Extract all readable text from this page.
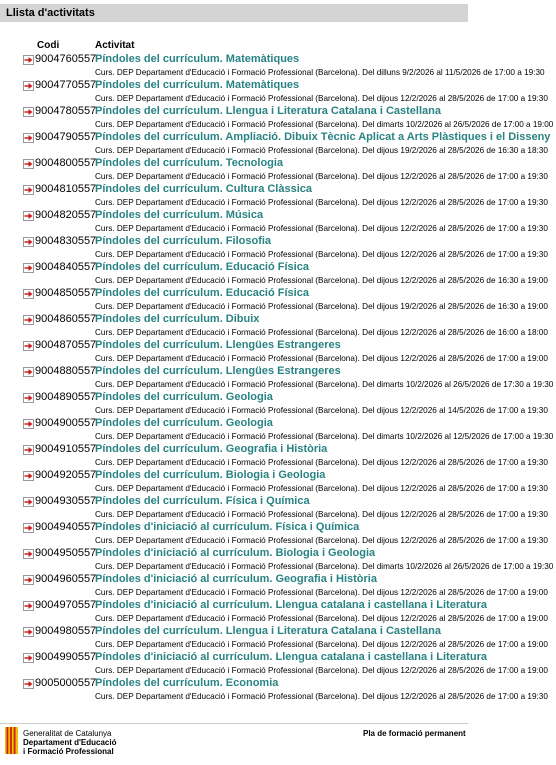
Llista d'activitats
Codi	Activitat
9004760557
Píndoles del currículum. Matemàtiques
Curs. DEP Departament d'Educació i Formació Professional (Barcelona). Del dilluns 9/2/2026 al 11/5/2026 de 17:00 a 19:30
9004770557
Píndoles del currículum. Matemàtiques
Curs. DEP Departament d'Educació i Formació Professional (Barcelona). Del dijous 12/2/2026 al 28/5/2026 de 17:00 a 19:30
9004780557
Píndoles del currículum. Llengua i Literatura Catalana i Castellana
Curs. DEP Departament d'Educació i Formació Professional (Barcelona). Del dimarts 10/2/2026 al 26/5/2026 de 17:00 a 19:00
9004790557
Píndoles del currículum. Ampliació. Dibuix Tècnic Aplicat a Arts Plàstiques i el Disseny
Curs. DEP Departament d'Educació i Formació Professional (Barcelona). Del dijous 19/2/2026 al 28/5/2026 de 16:30 a 18:30
9004800557
Píndoles del currículum. Tecnologia
Curs. DEP Departament d'Educació i Formació Professional (Barcelona). Del dijous 12/2/2026 al 28/5/2026 de 17:00 a 19:30
9004810557
Píndoles del currículum. Cultura Clàssica
Curs. DEP Departament d'Educació i Formació Professional (Barcelona). Del dijous 12/2/2026 al 28/5/2026 de 17:00 a 19:30
9004820557
Píndoles del currículum. Música
Curs. DEP Departament d'Educació i Formació Professional (Barcelona). Del dijous 12/2/2026 al 28/5/2026 de 17:00 a 19:30
9004830557
Píndoles del currículum. Filosofia
Curs. DEP Departament d'Educació i Formació Professional (Barcelona). Del dijous 12/2/2026 al 28/5/2026 de 17:00 a 19:30
9004840557
Píndoles del currículum. Educació Física
Curs. DEP Departament d'Educació i Formació Professional (Barcelona). Del dijous 12/2/2026 al 28/5/2026 de 16:30 a 19:00
9004850557
Píndoles del currículum. Educació Física
Curs. DEP Departament d'Educació i Formació Professional (Barcelona). Del dijous 19/2/2026 al 28/5/2026 de 16:30 a 19:00
9004860557
Píndoles del currículum. Dibuix
Curs. DEP Departament d'Educació i Formació Professional (Barcelona). Del dijous 12/2/2026 al 28/5/2026 de 16:00 a 18:00
9004870557
Píndoles del currículum. Llengües Estrangeres
Curs. DEP Departament d'Educació i Formació Professional (Barcelona). Del dijous 12/2/2026 al 28/5/2026 de 17:00 a 19:00
9004880557
Píndoles del currículum. Llengües Estrangeres
Curs. DEP Departament d'Educació i Formació Professional (Barcelona). Del dimarts 10/2/2026 al 26/5/2026 de 17:30 a 19:30
9004890557
Píndoles del currículum. Geologia
Curs. DEP Departament d'Educació i Formació Professional (Barcelona). Del dijous 12/2/2026 al 14/5/2026 de 17:00 a 19:30
9004900557
Píndoles del currículum. Geologia
Curs. DEP Departament d'Educació i Formació Professional (Barcelona). Del dimarts 10/2/2026 al 12/5/2026 de 17:00 a 19:30
9004910557
Píndoles del currículum. Geografia i Història
Curs. DEP Departament d'Educació i Formació Professional (Barcelona). Del dijous 12/2/2026 al 28/5/2026 de 17:00 a 19:30
9004920557
Píndoles del currículum. Biologia i Geologia
Curs. DEP Departament d'Educació i Formació Professional (Barcelona). Del dijous 12/2/2026 al 28/5/2026 de 17:00 a 19:30
9004930557
Píndoles del currículum. Física i Química
Curs. DEP Departament d'Educació i Formació Professional (Barcelona). Del dijous 12/2/2026 al 28/5/2026 de 17:00 a 19:30
9004940557
Píndoles d'iniciació al currículum. Física i Química
Curs. DEP Departament d'Educació i Formació Professional (Barcelona). Del dijous 12/2/2026 al 28/5/2026 de 17:00 a 19:30
9004950557
Píndoles d'iniciació al currículum. Biologia i Geologia
Curs. DEP Departament d'Educació i Formació Professional (Barcelona). Del dimarts 10/2/2026 al 26/5/2026 de 17:00 a 19:30
9004960557
Píndoles d'iniciació al currículum. Geografia i Història
Curs. DEP Departament d'Educació i Formació Professional (Barcelona). Del dijous 12/2/2026 al 28/5/2026 de 17:00 a 19:00
9004970557
Píndoles d'iniciació al currículum. Llengua catalana i castellana i Literatura
Curs. DEP Departament d'Educació i Formació Professional (Barcelona). Del dijous 12/2/2026 al 28/5/2026 de 17:00 a 19:00
9004980557
Píndoles del currículum. Llengua i Literatura Catalana i Castellana
Curs. DEP Departament d'Educació i Formació Professional (Barcelona). Del dijous 12/2/2026 al 28/5/2026 de 17:00 a 19:00
9004990557
Píndoles d'iniciació al currículum. Llengua catalana i castellana i Literatura
Curs. DEP Departament d'Educació i Formació Professional (Barcelona). Del dijous 12/2/2026 al 28/5/2026 de 17:00 a 19:00
9005000557
Píndoles del currículum. Economia
Curs. DEP Departament d'Educació i Formació Professional (Barcelona). Del dijous 12/2/2026 al 28/5/2026 de 17:00 a 19:30
Generalitat de Catalunya
Departament d'Educació
i Formació Professional
Pla de formació permanent
